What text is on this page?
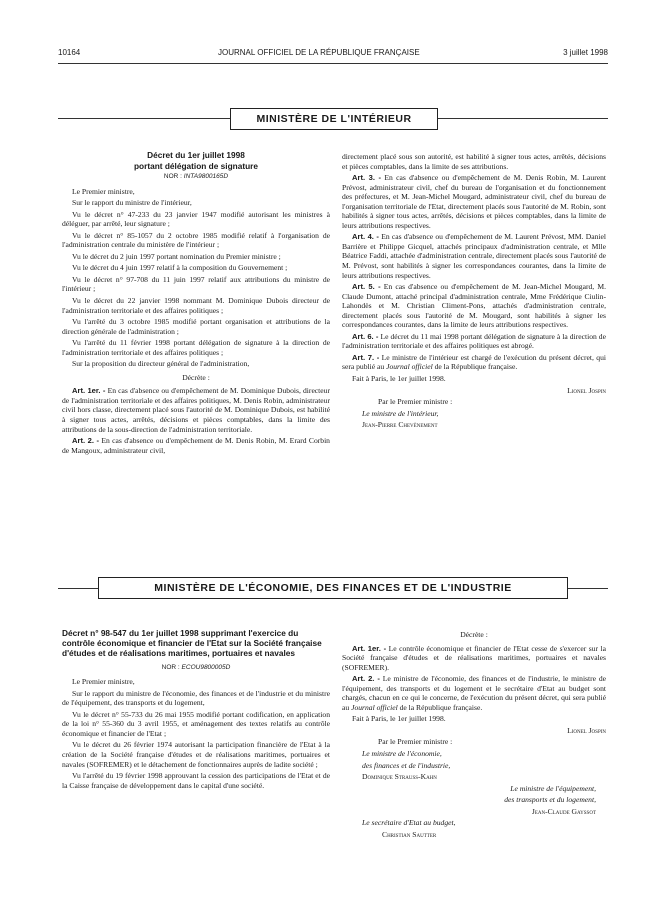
10164	JOURNAL OFFICIEL DE LA RÉPUBLIQUE FRANÇAISE	3 juillet 1998
MINISTÈRE DE L'INTÉRIEUR

Décret du 1er juillet 1998

portant délégation de signature

NOR : INTA9800165D

Le Premier ministre,

Sur le rapport du ministre de l'intérieur,

Vu le décret n° 47-233 du 23 janvier 1947 modifié autorisant les ministres à déléguer, par arrêté, leur signature ;

Vu le décret n° 85-1057 du 2 octobre 1985 modifié relatif à l'organisation de l'administration centrale du ministère de l'intérieur ;

Vu le décret du 2 juin 1997 portant nomination du Premier ministre ;

Vu le décret du 4 juin 1997 relatif à la composition du Gouvernement ;

Vu le décret n° 97-708 du 11 juin 1997 relatif aux attributions du ministre de l'intérieur ;

Vu le décret du 22 janvier 1998 nommant M. Dominique Dubois directeur de l'administration territoriale et des affaires politiques ;

Vu l'arrêté du 3 octobre 1985 modifié portant organisation et attributions de la direction générale de l'administration ;

Vu l'arrêté du 11 février 1998 portant délégation de signature à la direction de l'administration territoriale et des affaires politiques ;

Sur la proposition du directeur général de l'administration,

Décrète :

Art. 1er. - En cas d'absence ou d'empêchement de M. Dominique Dubois, directeur de l'administration territoriale et des affaires politiques, M. Denis Robin, administrateur civil hors classe, directement placé sous l'autorité de M. Dominique Dubois, est habilité à signer tous actes, arrêtés, décisions et pièces comptables, dans la limite des attributions de la sous-direction de l'administration territoriale.

Art. 2. - En cas d'absence ou d'empêchement de M. Denis Robin, M. Erard Corbin de Mangoux, administrateur civil,

directement placé sous son autorité, est habilité à signer tous actes, arrêtés, décisions et pièces comptables, dans la limite de ses attributions.

Art. 3. - En cas d'absence ou d'empêchement de M. Denis Robin, M. Laurent Prévost, administrateur civil, chef du bureau de l'organisation et du fonctionnement des préfectures, et M. Jean-Michel Mougard, administrateur civil, chef du bureau de l'organisation territoriale de l'Etat, directement placés sous l'autorité de M. Robin, sont habilités à signer tous actes, arrêtés, décisions et pièces comptables, dans la limite de leurs attributions respectives.

Art. 4. - En cas d'absence ou d'empêchement de M. Laurent Prévost, MM. Daniel Barrière et Philippe Gicquel, attachés principaux d'administration centrale, et Mlle Béatrice Faddi, attachée d'administration centrale, directement placés sous l'autorité de M. Prévost, sont habilités à signer les correspondances courantes, dans la limite de leurs attributions respectives.

Art. 5. - En cas d'absence ou d'empêchement de M. Jean-Michel Mougard, M. Claude Dumont, attaché principal d'administration centrale, Mme Frédérique Ciulin-Lahondès et M. Christian Climent-Pons, attachés d'administration centrale, directement placés sous l'autorité de M. Mougard, sont habilités à signer les correspondances courantes, dans la limite de leurs attributions respectives.

Art. 6. - Le décret du 11 mai 1998 portant délégation de signature à la direction de l'administration territoriale et des affaires politiques est abrogé.

Art. 7. - Le ministre de l'intérieur est chargé de l'exécution du présent décret, qui sera publié au Journal officiel de la République française.

Fait à Paris, le 1er juillet 1998.

Lionel Jospin

Par le Premier ministre :

Le ministre de l'intérieur,

Jean-Pierre Chevènement

MINISTÈRE DE L'ÉCONOMIE, DES FINANCES ET DE L'INDUSTRIE

Décret n° 98-547 du 1er juillet 1998 supprimant l'exercice du contrôle économique et financier de l'Etat sur la Société française d'études et de réalisations maritimes, portuaires et navales

NOR : ECOU9800005D

Le Premier ministre,

Sur le rapport du ministre de l'économie, des finances et de l'industrie et du ministre de l'équipement, des transports et du logement,

Vu le décret n° 55-733 du 26 mai 1955 modifié portant codification, en application de la loi n° 55-360 du 3 avril 1955, et aménagement des textes relatifs au contrôle économique et financier de l'Etat ;

Vu le décret du 26 février 1974 autorisant la participation financière de l'Etat à la création de la Société française d'études et de réalisations maritimes, portuaires et navales (SOFREMER) et le détachement de fonctionnaires auprès de ladite société ;

Vu l'arrêté du 19 février 1998 approuvant la cession des participations de l'Etat et de la Caisse française de développement dans le capital d'une société.

Décrète :

Art. 1er. - Le contrôle économique et financier de l'Etat cesse de s'exercer sur la Société française d'études et de réalisations maritimes, portuaires et navales (SOFREMER).

Art. 2. - Le ministre de l'économie, des finances et de l'industrie, le ministre de l'équipement, des transports et du logement et le secrétaire d'Etat au budget sont chargés, chacun en ce qui le concerne, de l'exécution du présent décret, qui sera publié au Journal officiel de la République française.

Fait à Paris, le 1er juillet 1998.

Lionel Jospin

Par le Premier ministre :

Le ministre de l'économie,

des finances et de l'industrie,

Dominique Strauss-Kahn

Le ministre de l'équipement,

des transports et du logement,

Jean-Claude Gayssot

Le secrétaire d'Etat au budget,

Christian Sautter
